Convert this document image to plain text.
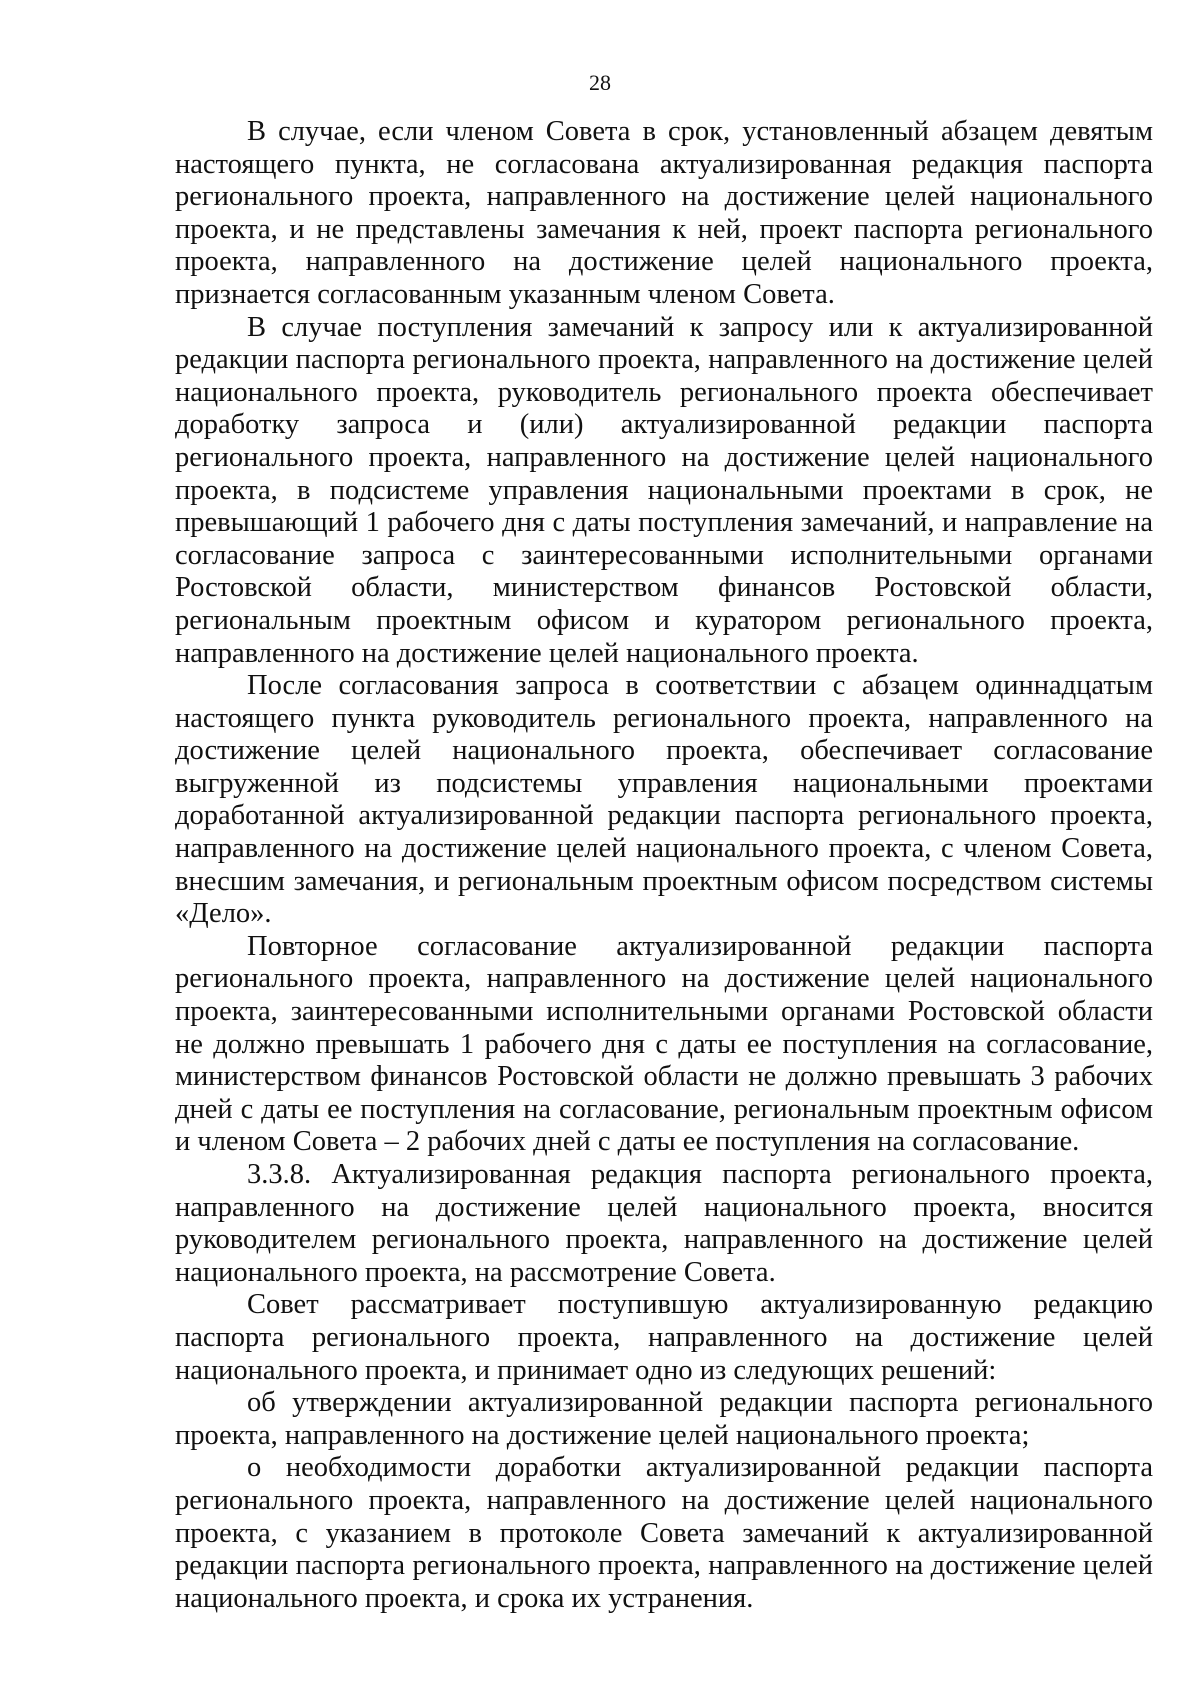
28

В случае, если членом Совета в срок, установленный абзацем девятым настоящего пункта, не согласована актуализированная редакция паспорта регионального проекта, направленного на достижение целей национального проекта, и не представлены замечания к ней, проект паспорта регионального проекта, направленного на достижение целей национального проекта, признается согласованным указанным членом Совета.

В случае поступления замечаний к запросу или к актуализированной редакции паспорта регионального проекта, направленного на достижение целей национального проекта, руководитель регионального проекта обеспечивает доработку запроса и (или) актуализированной редакции паспорта регионального проекта, направленного на достижение целей национального проекта, в подсистеме управления национальными проектами в срок, не превышающий 1 рабочего дня с даты поступления замечаний, и направление на согласование запроса с заинтересованными исполнительными органами Ростовской области, министерством финансов Ростовской области, региональным проектным офисом и куратором регионального проекта, направленного на достижение целей национального проекта.

После согласования запроса в соответствии с абзацем одиннадцатым настоящего пункта руководитель регионального проекта, направленного на достижение целей национального проекта, обеспечивает согласование выгруженной из подсистемы управления национальными проектами доработанной актуализированной редакции паспорта регионального проекта, направленного на достижение целей национального проекта, с членом Совета, внесшим замечания, и региональным проектным офисом посредством системы «Дело».

Повторное согласование актуализированной редакции паспорта регионального проекта, направленного на достижение целей национального проекта, заинтересованными исполнительными органами Ростовской области не должно превышать 1 рабочего дня с даты ее поступления на согласование, министерством финансов Ростовской области не должно превышать 3 рабочих дней с даты ее поступления на согласование, региональным проектным офисом и членом Совета – 2 рабочих дней с даты ее поступления на согласование.

3.3.8. Актуализированная редакция паспорта регионального проекта, направленного на достижение целей национального проекта, вносится руководителем регионального проекта, направленного на достижение целей национального проекта, на рассмотрение Совета.

Совет рассматривает поступившую актуализированную редакцию паспорта регионального проекта, направленного на достижение целей национального проекта, и принимает одно из следующих решений:

об утверждении актуализированной редакции паспорта регионального проекта, направленного на достижение целей национального проекта;

о необходимости доработки актуализированной редакции паспорта регионального проекта, направленного на достижение целей национального проекта, с указанием в протоколе Совета замечаний к актуализированной редакции паспорта регионального проекта, направленного на достижение целей национального проекта, и срока их устранения.
